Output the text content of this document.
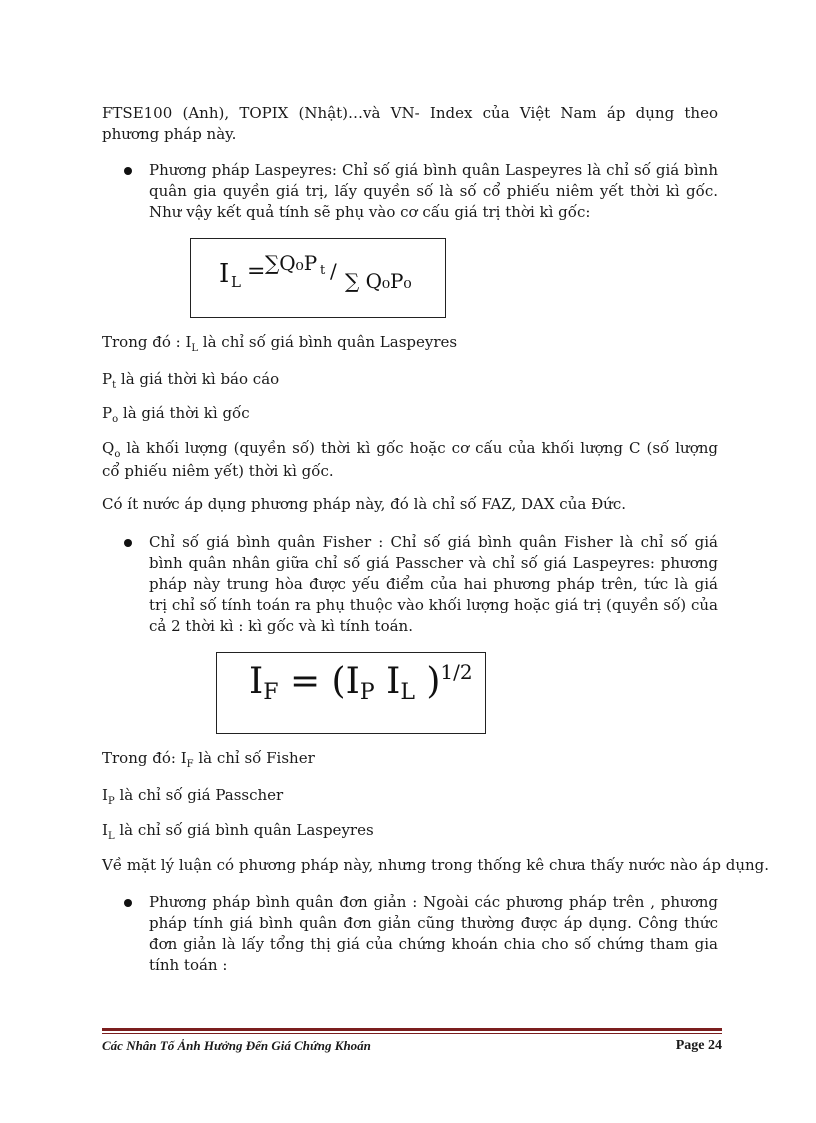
FTSE100 (Anh), TOPIX (Nhật)…và VN- Index của Việt Nam áp dụng theo phương pháp này.
Phương pháp Laspeyres: Chỉ số giá bình quân Laspeyres là chỉ số giá bình quân gia quyền giá trị, lấy quyền số là số cổ phiếu niêm yết thời kì gốc. Như vậy kết quả tính sẽ phụ vào cơ cấu giá trị thời kì gốc:
I L = ∑Q₀P t / ∑ Q₀P₀
Trong đó : $I_L$ là chỉ số giá bình quân Laspeyres
$P_t$ là giá thời kì báo cáo
$P_o$ là giá thời kì gốc
$Q_o$ là khối lượng (quyền số) thời kì gốc hoặc cơ cấu của khối lượng C (số lượng cổ phiếu niêm yết) thời kì gốc.
Có ít nước áp dụng phương pháp này, đó là chỉ số FAZ, DAX của Đức.
Chỉ số giá bình quân Fisher : Chỉ số giá bình quân Fisher là chỉ số giá bình quân nhân giữa chỉ số giá Passcher và chỉ số giá Laspeyres: phương pháp này trung hòa được yếu điểm của hai phương pháp trên, tức là giá trị chỉ số tính toán ra phụ thuộc vào khối lượng hoặc giá trị (quyền số) của cả 2 thời kì : kì gốc và kì tính toán.
IF = (IP IL )$^{1/2}$
Trong đó: $I_F$ là chỉ số Fisher
$I_P$ là chỉ số giá Passcher
$I_L$ là chỉ số giá bình quân Laspeyres
Về mặt lý luận có phương pháp này, nhưng trong thống kê chưa thấy nước nào áp dụng.
Phương pháp bình quân đơn giản : Ngoài các phương pháp trên , phương pháp tính giá bình quân đơn giản cũng thường được áp dụng. Công thức đơn giản là lấy tổng thị giá của chứng khoán chia cho số chứng tham gia tính toán :
Các Nhân Tố Ảnh Hưởng Đến Giá Chứng Khoán	Page 24
